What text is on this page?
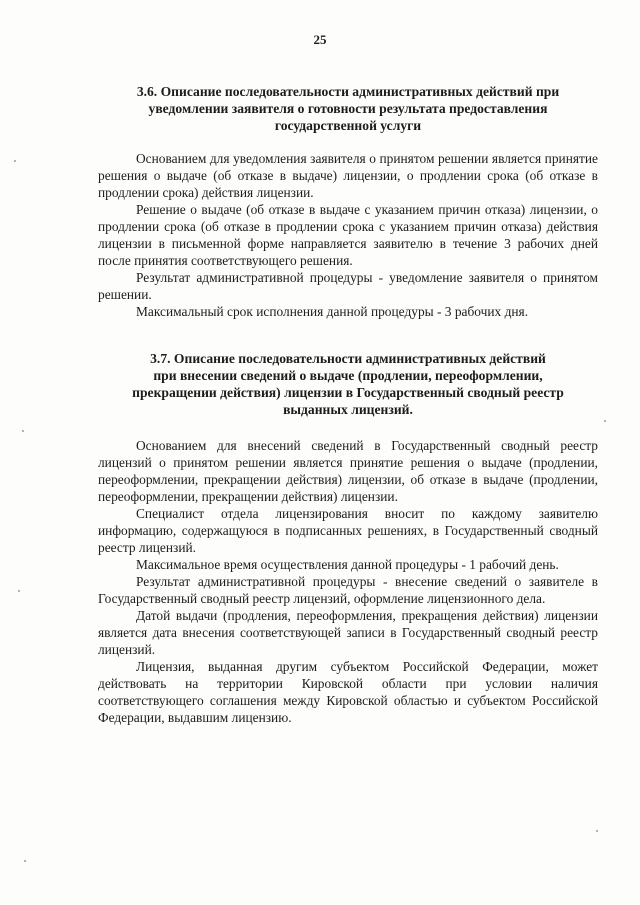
25

3.6. Описание последовательности административных действий при
уведомлении заявителя о готовности результата предоставления
государственной услуги

Основанием для уведомления заявителя о принятом решении является принятие решения о выдаче (об отказе в выдаче) лицензии, о продлении срока (об отказе в продлении срока) действия лицензии.

Решение о выдаче (об отказе в выдаче с указанием причин отказа) лицензии, о продлении срока (об отказе в продлении срока с указанием причин отказа) действия лицензии в письменной форме направляется заявителю в течение 3 рабочих дней после принятия соответствующего решения.

Результат административной процедуры - уведомление заявителя о принятом решении.

Максимальный срок исполнения данной процедуры - 3 рабочих дня.

3.7. Описание последовательности административных действий
при внесении сведений о выдаче (продлении, переоформлении,
прекращении действия) лицензии в Государственный сводный реестр
выданных лицензий.

Основанием для внесений сведений в Государственный сводный реестр лицензий о принятом решении является принятие решения о выдаче (продлении, переоформлении, прекращении действия) лицензии, об отказе в выдаче (продлении, переоформлении, прекращении действия) лицензии.

Специалист отдела лицензирования вносит по каждому заявителю информацию, содержащуюся в подписанных решениях, в Государственный сводный реестр лицензий.

Максимальное время осуществления данной процедуры - 1 рабочий день.

Результат административной процедуры - внесение сведений о заявителе в Государственный сводный реестр лицензий, оформление лицензионного дела.

Датой выдачи (продления, переоформления, прекращения действия) лицензии является дата внесения соответствующей записи в Государственный сводный реестр лицензий.

Лицензия, выданная другим субъектом Российской Федерации, может действовать на территории Кировской области при условии наличия соответствующего соглашения между Кировской областью и субъектом Российской Федерации, выдавшим лицензию.
